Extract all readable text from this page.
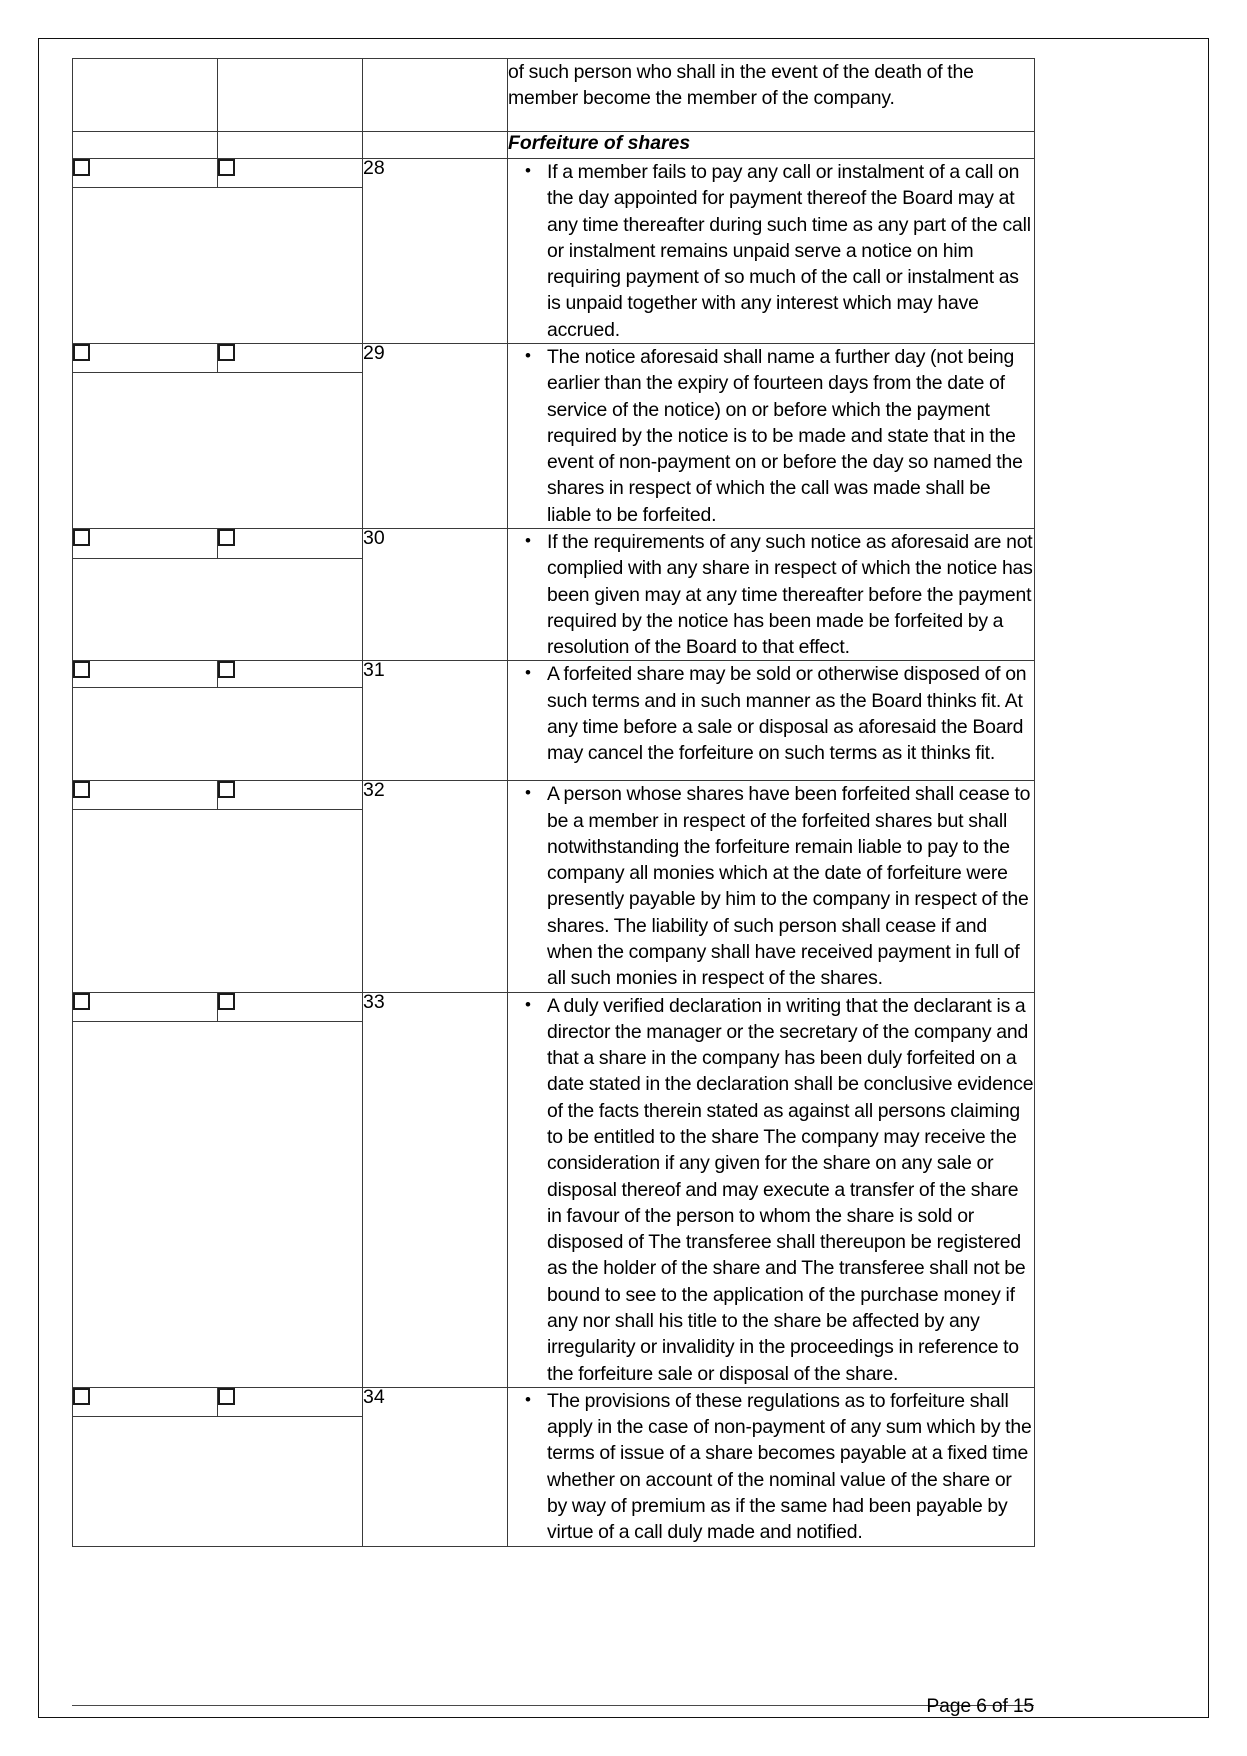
			of such person who shall in the event of the death of the member become the member of the company.
			Forfeiture of shares

28

•If a member fails to pay any call or instalment of a call on the day appointed for payment thereof the Board may at any time thereafter during such time as any part of the call or instalment remains unpaid serve a notice on him requiring payment of so much of the call or instalment as is unpaid together with any interest which may have accrued.

29

•The notice aforesaid shall name a further day (not being earlier than the expiry of fourteen days from the date of service of the notice) on or before which the payment required by the notice is to be made and state that in the event of non-payment on or before the day so named the shares in respect of which the call was made shall be liable to be forfeited.

30

•If the requirements of any such notice as aforesaid are not complied with any share in respect of which the notice has been given may at any time thereafter before the payment required by the notice has been made be forfeited by a resolution of the Board to that effect.

31

•A forfeited share may be sold or otherwise disposed of on such terms and in such manner as the Board thinks fit. At any time before a sale or disposal as aforesaid the Board may cancel the forfeiture on such terms as it thinks fit.

32

•A person whose shares have been forfeited shall cease to be a member in respect of the forfeited shares but shall notwithstanding the forfeiture remain liable to pay to the company all monies which at the date of forfeiture were presently payable by him to the company in respect of the shares. The liability of such person shall cease if and when the company shall have received payment in full of all such monies in respect of the shares.

33

•A duly verified declaration in writing that the declarant is a director the manager or the secretary of the company and that a share in the company has been duly forfeited on a date stated in the declaration shall be conclusive evidence of the facts therein stated as against all persons claiming to be entitled to the share The company may receive the consideration if any given for the share on any sale or disposal thereof and may execute a transfer of the share in favour of the person to whom the share is sold or disposed of The transferee shall thereupon be registered as the holder of the share and The transferee shall not be bound to see to the application of the purchase money if any nor shall his title to the share be affected by any irregularity or invalidity in the proceedings in reference to the forfeiture sale or disposal of the share.

34

•The provisions of these regulations as to forfeiture shall apply in the case of non-payment of any sum which by the terms of issue of a share becomes payable at a fixed time whether on account of the nominal value of the share or by way of premium as if the same had been payable by virtue of a call duly made and notified.

Page 6 of 15
